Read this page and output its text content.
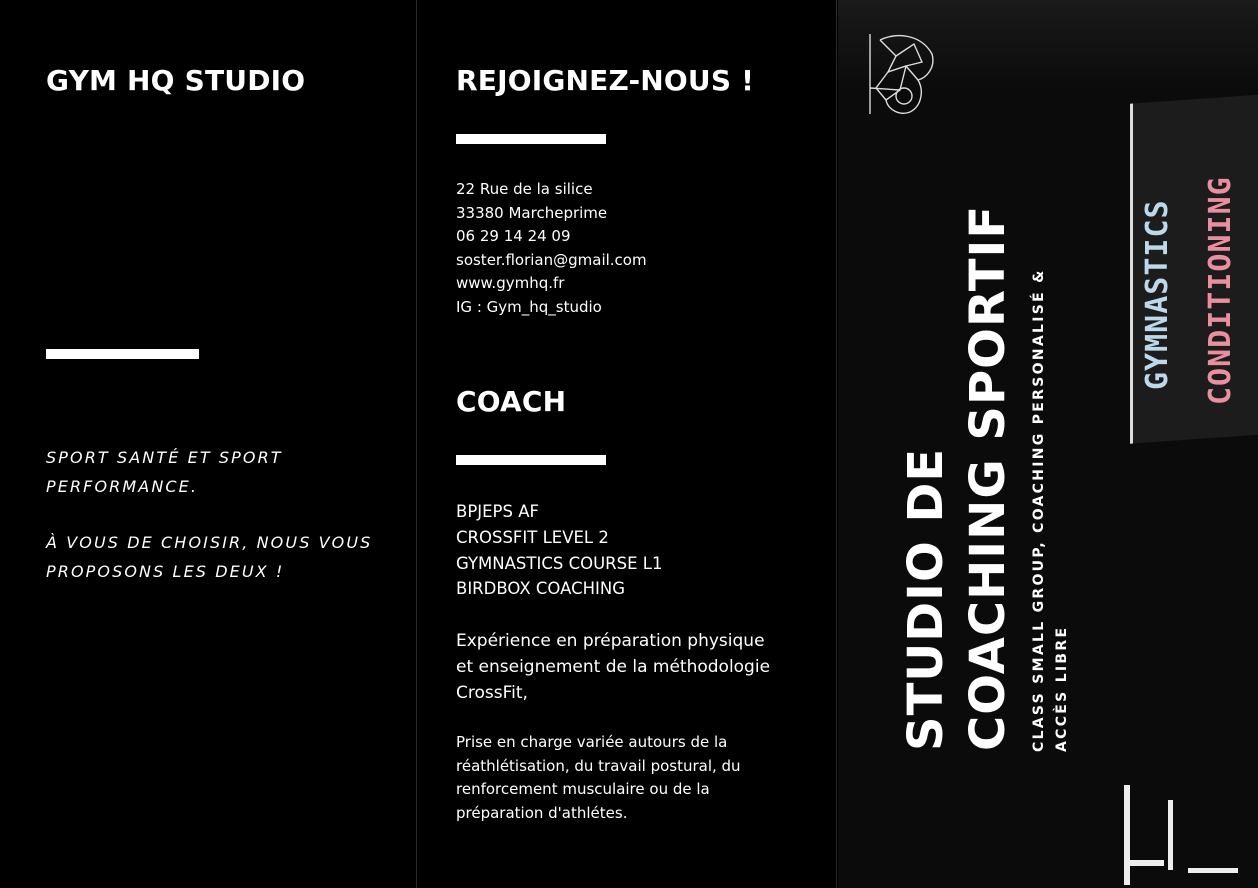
GYM HQ STUDIO

SPORT SANTÉ ET SPORT PERFORMANCE.

À VOUS DE CHOISIR, NOUS VOUS PROPOSONS LES DEUX !

REJOIGNEZ-NOUS !
22 Rue de la silice
33380 Marcheprime
06 29 14 24 09
soster.florian@gmail.com
www.gymhq.fr
IG : Gym_hq_studio
COACH
BPJEPS AF
CROSSFIT LEVEL 2
GYMNASTICS COURSE L1
BIRDBOX COACHING

Expérience en préparation physique et enseignement de la méthodologie CrossFit,

Prise en charge variée autours de la réathlétisation, du travail postural, du renforcement musculaire ou de la préparation d'athlétes.

GYMNASTICS CONDITIONING
STUDIO DE COACHING SPORTIF CLASS SMALL GROUP, COACHING PERSONALISÉ & ACCÈS LIBRE
